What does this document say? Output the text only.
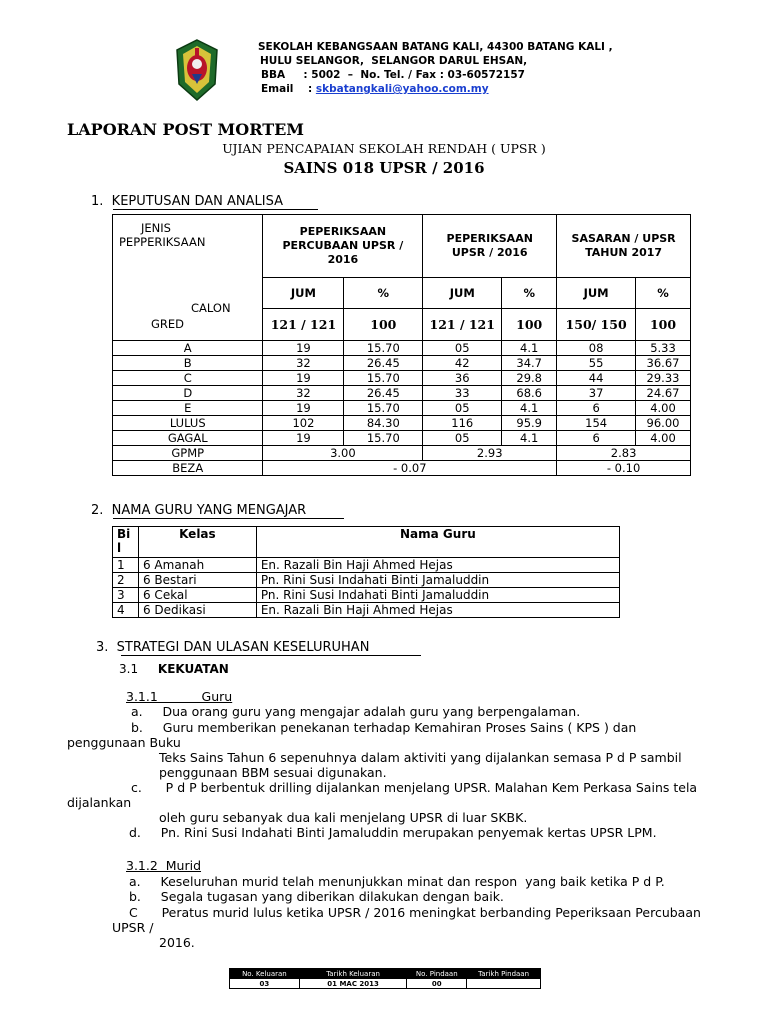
SEKOLAH KEBANGSAAN BATANG KALI, 44300 BATANG KALI ,
HULU SELANGOR,  SELANGOR DARUL EHSAN,
BBA     : 5002  –  No. Tel. / Fax : 03-60572157
Email    : skbatangkali@yahoo.com.my
LAPORAN POST MORTEM
UJIAN PENCAPAIAN SEKOLAH RENDAH ( UPSR )
SAINS 018 UPSR / 2016
1.  KEPUTUSAN DAN ANALISA
JENIS PEPPERIKSAAN
CALON
GRED	PEPERIKSAAN PERCUBAAN UPSR / 2016		PEPERIKSAAN UPSR / 2016		SASARAN / UPSR TAHUN 2017	
	JUM	%	JUM	%	JUM	%
	121 / 121	100	121 / 121	100	150/ 150	100
A	19	15.70	05	4.1	08	5.33
B	32	26.45	42	34.7	55	36.67
C	19	15.70	36	29.8	44	29.33
D	32	26.45	33	68.6	37	24.67
E	19	15.70	05	4.1	6	4.00
LULUS	102	84.30	116	95.9	154	96.00
GAGAL	19	15.70	05	4.1	6	4.00
GPMP	3.00		2.93		2.83	
BEZA	- 0.07				- 0.10	
2.  NAMA GURU YANG MENGAJAR
Bi
l	Kelas	Nama Guru
1	6 Amanah	En. Razali Bin Haji Ahmed Hejas
2	6 Bestari	Pn. Rini Susi Indahati Binti Jamaluddin
3	6 Cekal	Pn. Rini Susi Indahati Binti Jamaluddin
4	6 Dedikasi	En. Razali Bin Haji Ahmed Hejas
3.  STRATEGI DAN ULASAN KESELURUHAN
3.1 KEKUATAN
3.1.1           Guru
a.     Dua orang guru yang mengajar adalah guru yang berpengalaman.
b.     Guru memberikan penekanan terhadap Kemahiran Proses Sains ( KPS ) dan
penggunaan Buku
Teks Sains Tahun 6 sepenuhnya dalam aktiviti yang dijalankan semasa P d P sambil
penggunaan BBM sesuai digunakan.
c.      P d P berbentuk drilling dijalankan menjelang UPSR. Malahan Kem Perkasa Sains tela
dijalankan
oleh guru sebanyak dua kali menjelang UPSR di luar SKBK.
d.     Pn. Rini Susi Indahati Binti Jamaluddin merupakan penyemak kertas UPSR LPM.
3.1.2  Murid
a.     Keseluruhan murid telah menunjukkan minat dan respon  yang baik ketika P d P.
b.     Segala tugasan yang diberikan dilakukan dengan baik.
C      Peratus murid lulus ketika UPSR / 2016 meningkat berbanding Peperiksaan Percubaan
UPSR /
2016.
No. Keluaran	Tarikh Keluaran	No. Pindaan	Tarikh Pindaan
03	01 MAC 2013	00	
